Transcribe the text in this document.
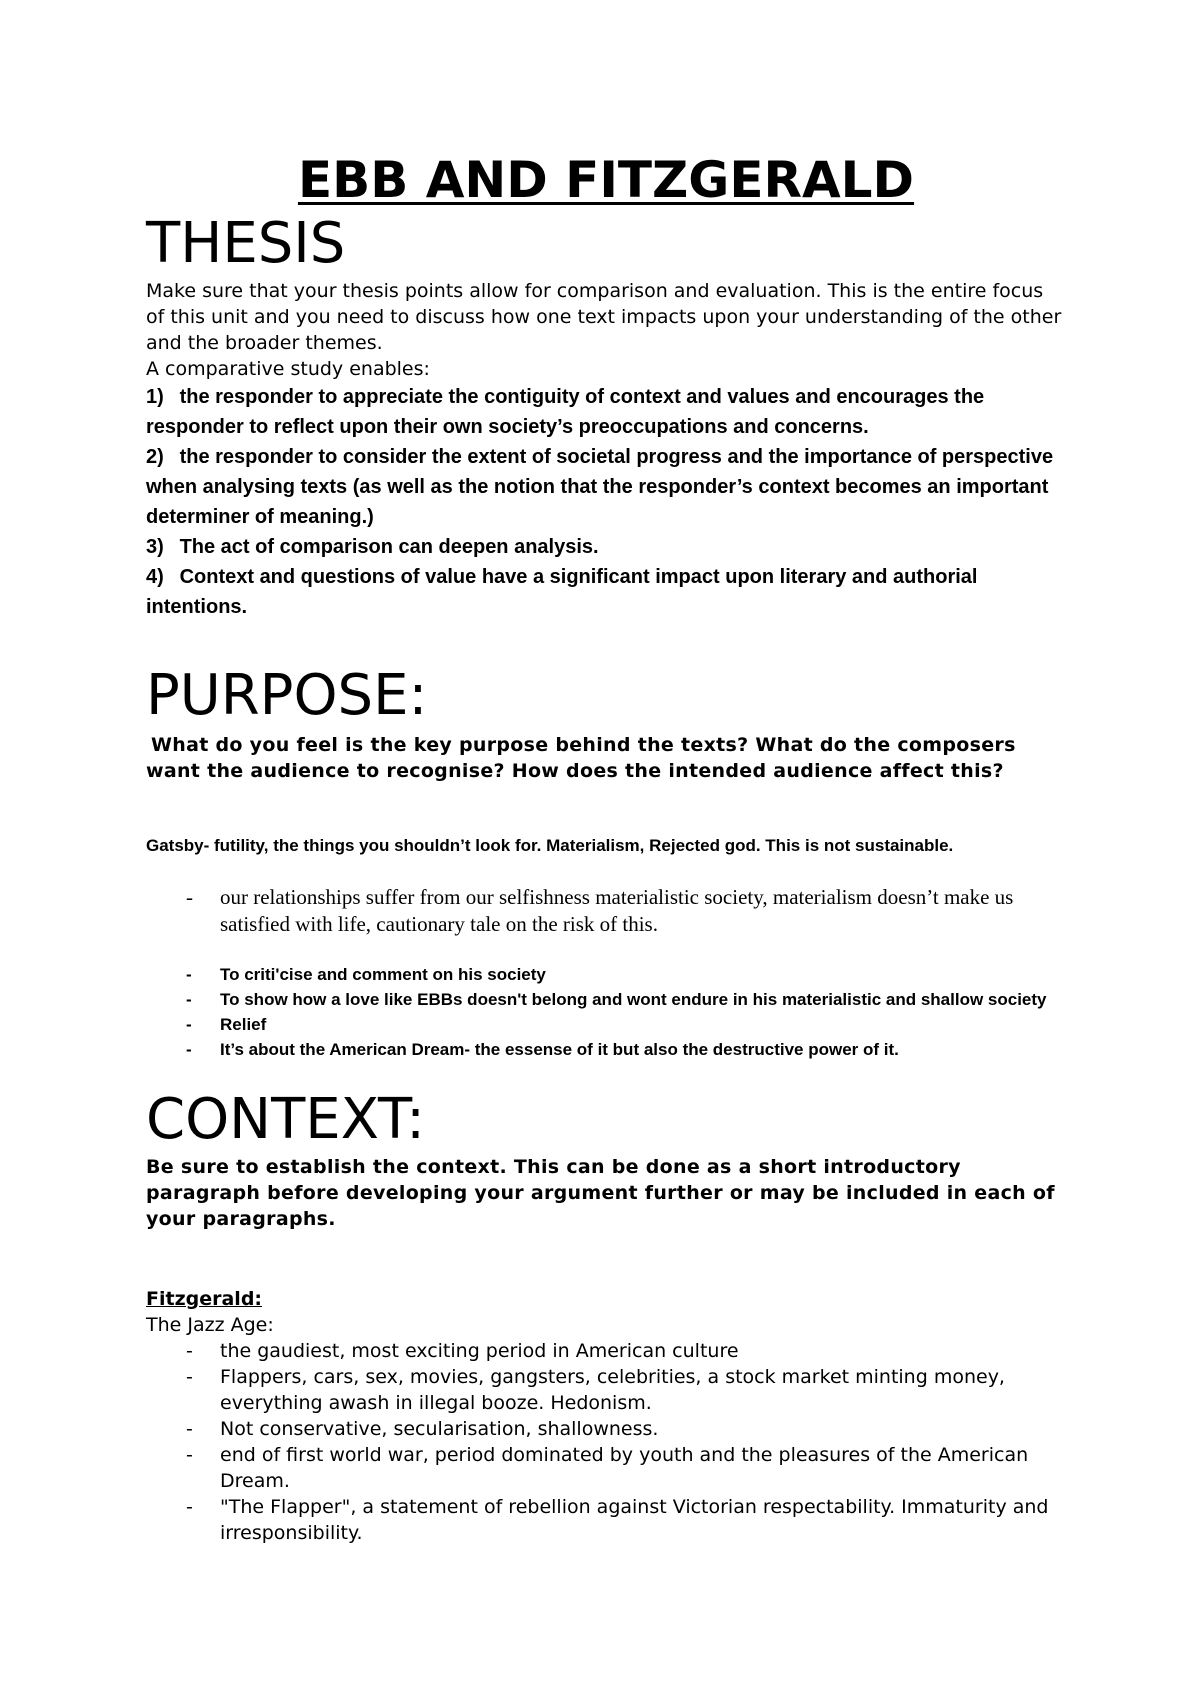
EBB AND FITZGERALD
THESIS

Make sure that your thesis points allow for comparison and evaluation. This is the entire focus of this unit and you need to discuss how one text impacts upon your understanding of the other and the broader themes.

A comparative study enables:

1) the responder to appreciate the contiguity of context and values and encourages the responder to reflect upon their own society’s preoccupations and concerns.
2) the responder to consider the extent of societal progress and the importance of perspective when analysing texts (as well as the notion that the responder’s context becomes an important determiner of meaning.)
3) The act of comparison can deepen analysis.
4) Context and questions of value have a significant impact upon literary and authorial intentions.
PURPOSE:

What do you feel is the key purpose behind the texts? What do the composers want the audience to recognise? How does the intended audience affect this?

Gatsby- futility, the things you shouldn’t look for. Materialism, Rejected god. This is not sustainable.

- our relationships suffer from our selfishness materialistic society, materialism doesn’t make us satisfied with life, cautionary tale on the risk of this.
- To criti'cise and comment on his society
- To show how a love like EBBs doesn't belong and wont endure in his materialistic and shallow society
- Relief
- It’s about the American Dream- the essense of it but also the destructive power of it.
CONTEXT:

Be sure to establish the context. This can be done as a short introductory paragraph before developing your argument further or may be included in each of your paragraphs.

Fitzgerald:

The Jazz Age:

- the gaudiest, most exciting period in American culture
- Flappers, cars, sex, movies, gangsters, celebrities, a stock market minting money, everything awash in illegal booze. Hedonism.
- Not conservative, secularisation, shallowness.
- end of first world war, period dominated by youth and the pleasures of the American Dream.
- "The Flapper", a statement of rebellion against Victorian respectability. Immaturity and irresponsibility.
